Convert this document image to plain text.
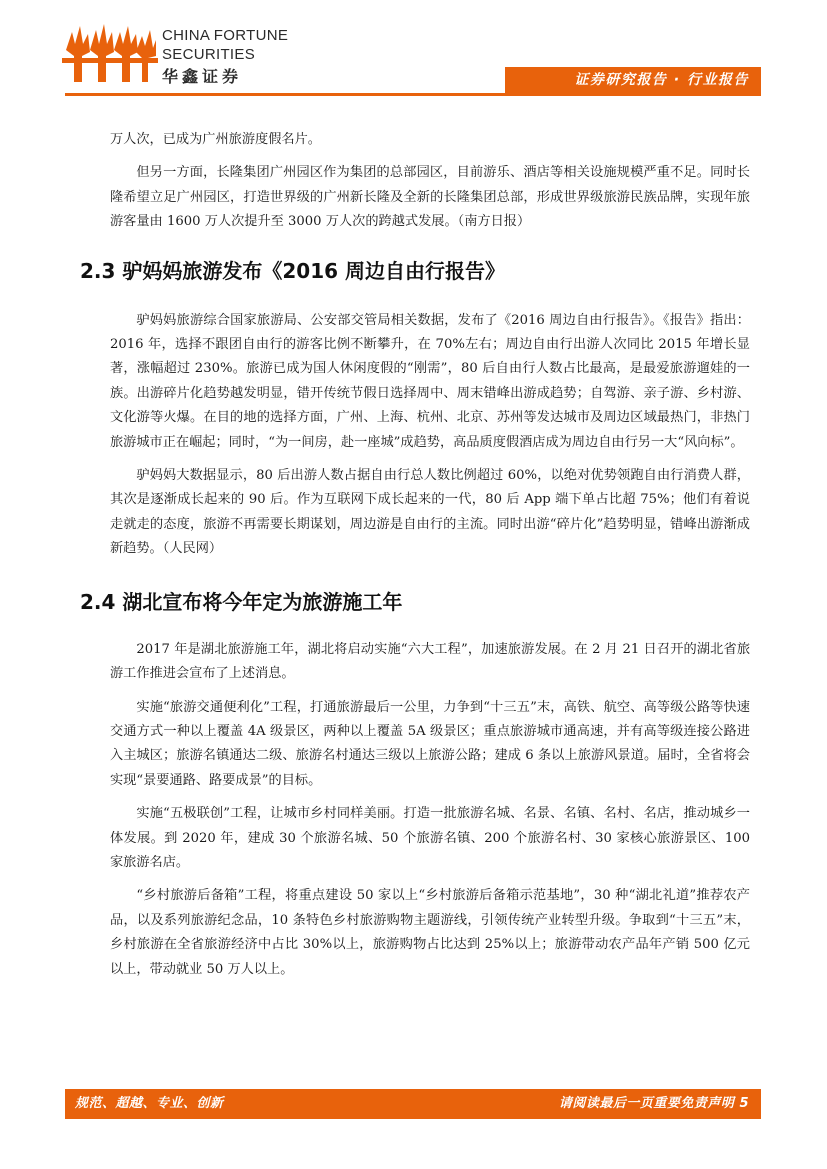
CHINA FORTUNE
SECURITIES
华鑫证券	证券研究报告 · 行业报告

万人次，已成为广州旅游度假名片。

但另一方面，长隆集团广州园区作为集团的总部园区，目前游乐、酒店等相关设施规模严重不足。同时长隆希望立足广州园区，打造世界级的广州新长隆及全新的长隆集团总部，形成世界级旅游民族品牌，实现年旅游客量由 1600 万人次提升至 3000 万人次的跨越式发展。（南方日报）

2.3 驴妈妈旅游发布《2016 周边自由行报告》

驴妈妈旅游综合国家旅游局、公安部交管局相关数据，发布了《2016 周边自由行报告》。《报告》指出：2016 年，选择不跟团自由行的游客比例不断攀升，在 70%左右；周边自由行出游人次同比 2015 年增长显著，涨幅超过 230%。旅游已成为国人休闲度假的“刚需”，80 后自由行人数占比最高，是最爱旅游遛娃的一族。出游碎片化趋势越发明显，错开传统节假日选择周中、周末错峰出游成趋势；自驾游、亲子游、乡村游、文化游等火爆。在目的地的选择方面，广州、上海、杭州、北京、苏州等发达城市及周边区域最热门，非热门旅游城市正在崛起；同时，“为一间房，赴一座城”成趋势，高品质度假酒店成为周边自由行另一大“风向标”。

驴妈妈大数据显示，80 后出游人数占据自由行总人数比例超过 60%，以绝对优势领跑自由行消费人群，其次是逐渐成长起来的 90 后。作为互联网下成长起来的一代，80 后 App 端下单占比超 75%；他们有着说走就走的态度，旅游不再需要长期谋划，周边游是自由行的主流。同时出游“碎片化”趋势明显，错峰出游渐成新趋势。（人民网）

2.4 湖北宣布将今年定为旅游施工年

2017 年是湖北旅游施工年，湖北将启动实施“六大工程”，加速旅游发展。在 2 月 21 日召开的湖北省旅游工作推进会宣布了上述消息。

实施“旅游交通便利化”工程，打通旅游最后一公里，力争到“十三五”末，高铁、航空、高等级公路等快速交通方式一种以上覆盖 4A 级景区，两种以上覆盖 5A 级景区；重点旅游城市通高速，并有高等级连接公路进入主城区；旅游名镇通达二级、旅游名村通达三级以上旅游公路；建成 6 条以上旅游风景道。届时，全省将会实现“景要通路、路要成景”的目标。

实施“五极联创”工程，让城市乡村同样美丽。打造一批旅游名城、名景、名镇、名村、名店，推动城乡一体发展。到 2020 年，建成 30 个旅游名城、50 个旅游名镇、200 个旅游名村、30 家核心旅游景区、100 家旅游名店。

“乡村旅游后备箱”工程，将重点建设 50 家以上“乡村旅游后备箱示范基地”，30 种“湖北礼道”推荐农产品，以及系列旅游纪念品，10 条特色乡村旅游购物主题游线，引领传统产业转型升级。争取到“十三五”末，乡村旅游在全省旅游经济中占比 30%以上，旅游购物占比达到 25%以上；旅游带动农产品年产销 500 亿元以上，带动就业 50 万人以上。

规范、超越、专业、创新	请阅读最后一页重要免责声明 5
